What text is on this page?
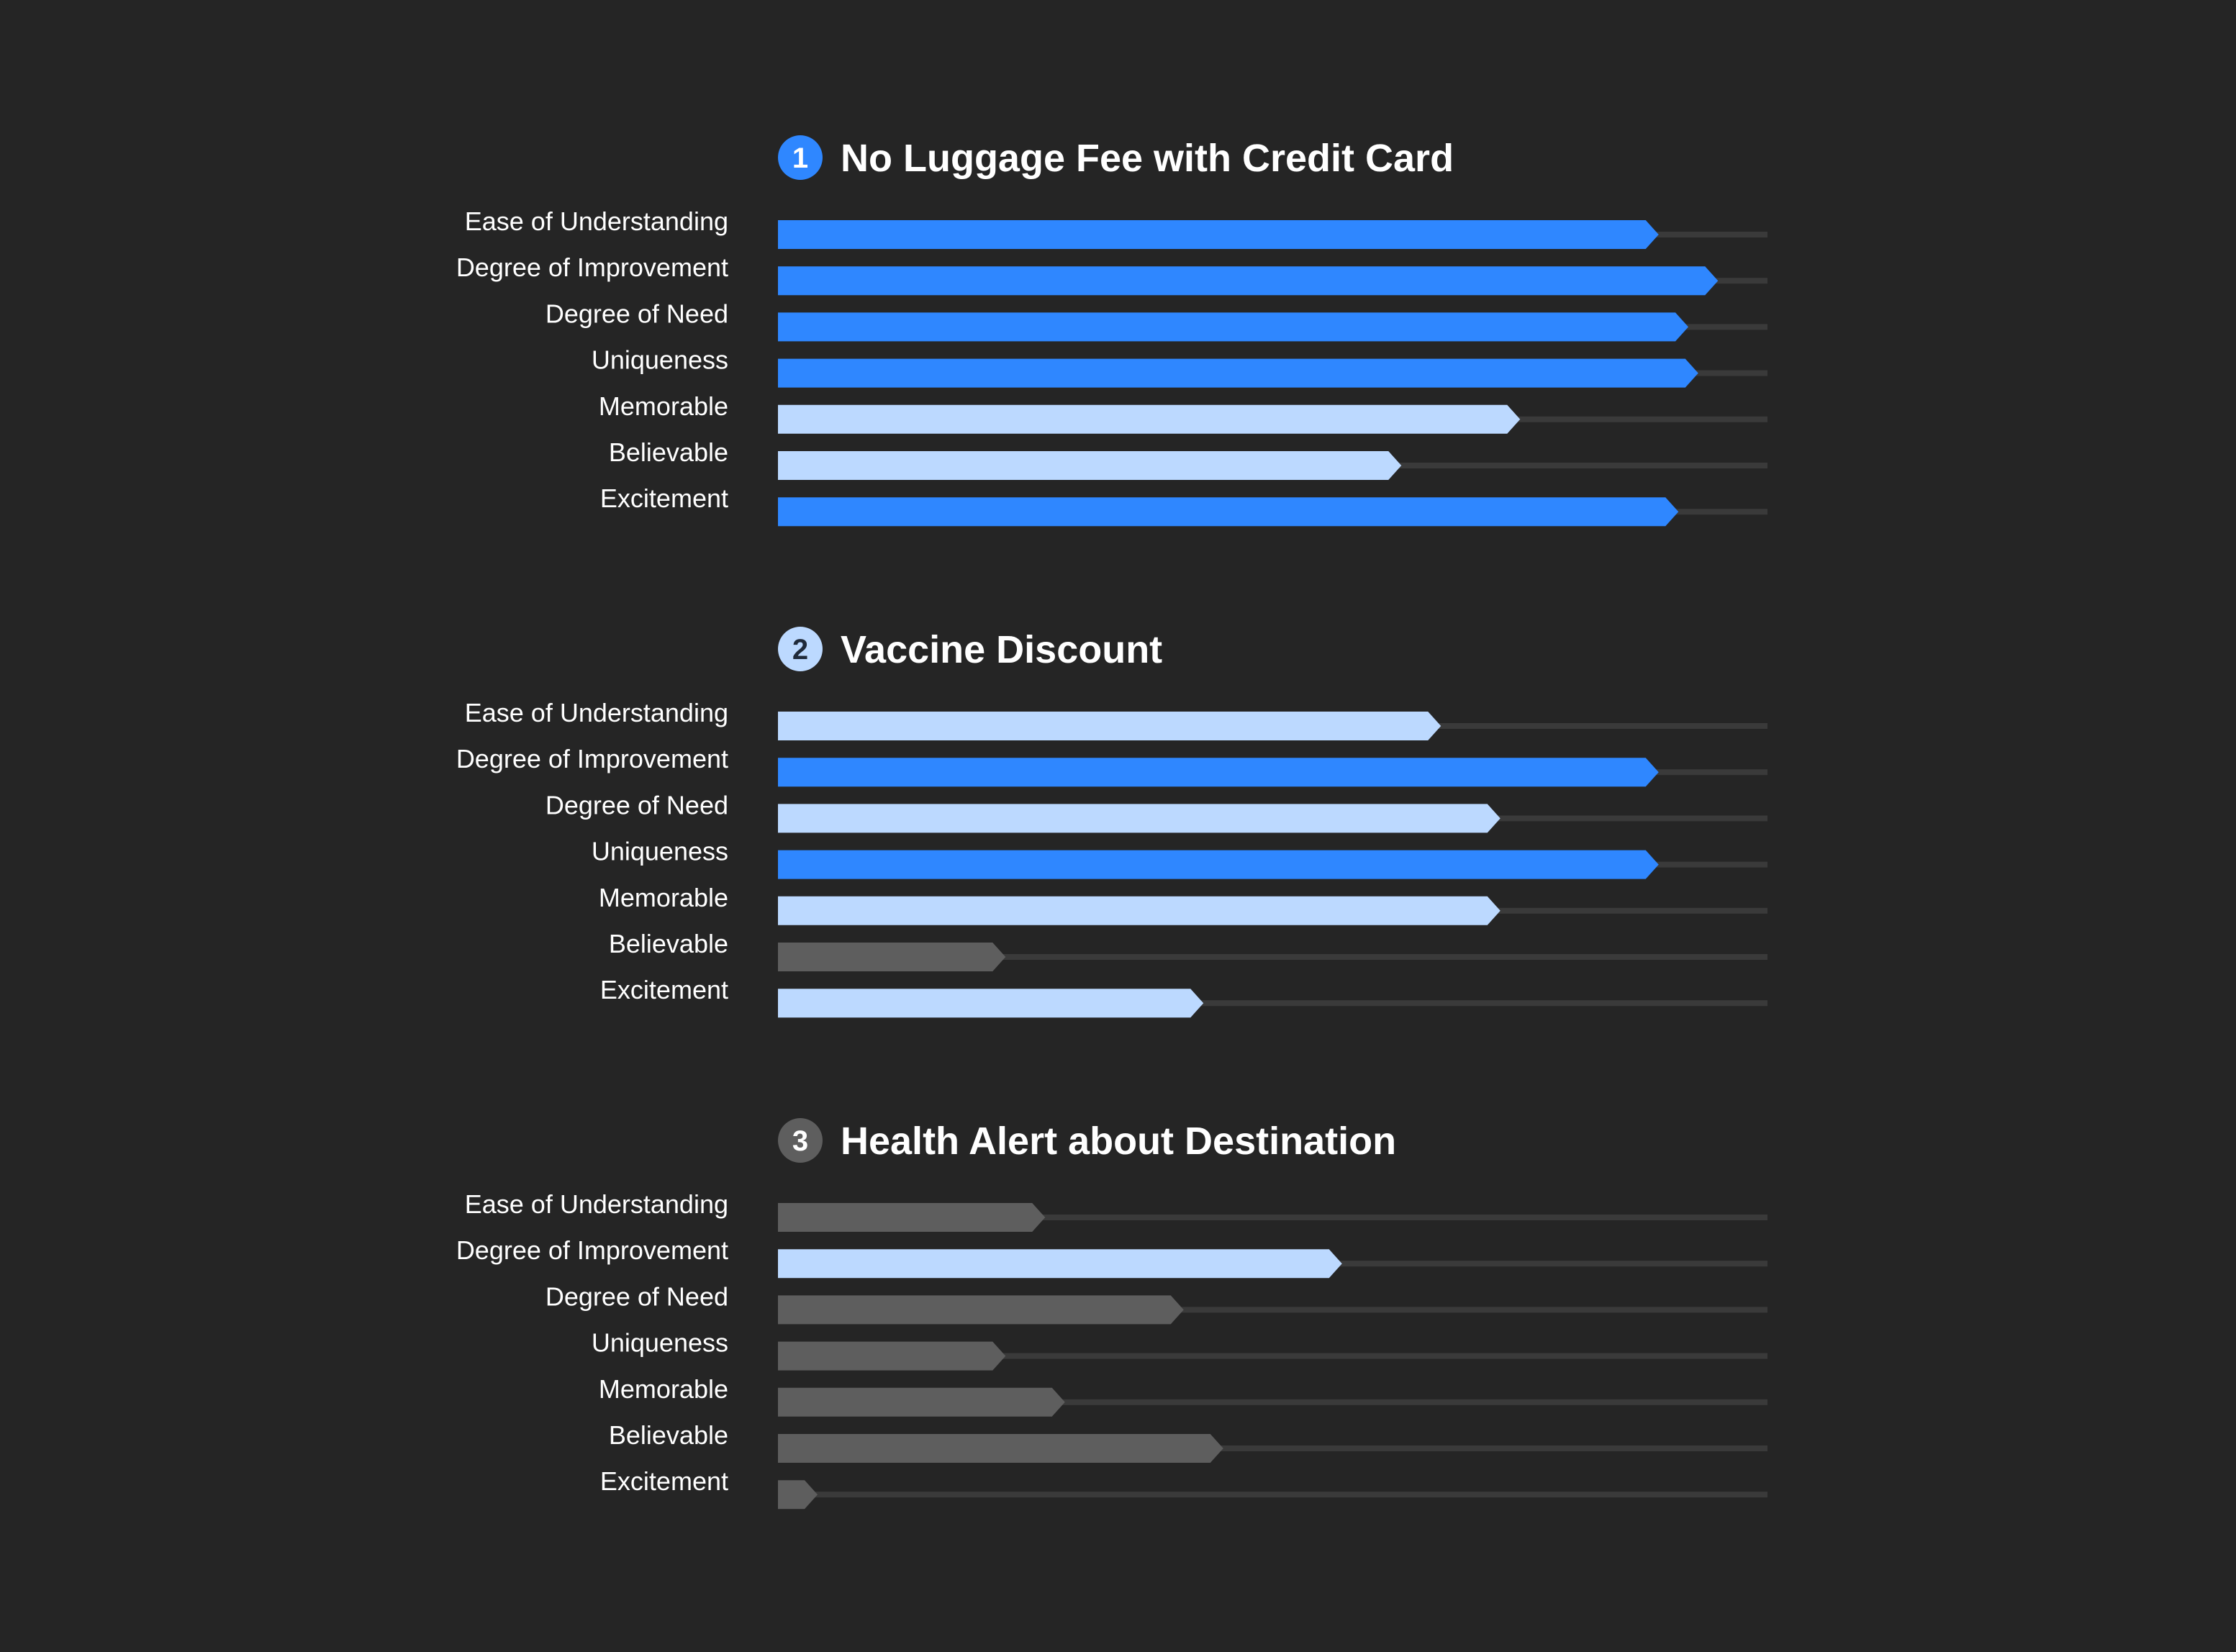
1 No Luggage Fee with Credit Card
Ease of Understanding
Degree of Improvement
Degree of Need
Uniqueness
Memorable
Believable
Excitement
2 Vaccine Discount
Ease of Understanding
Degree of Improvement
Degree of Need
Uniqueness
Memorable
Believable
Excitement
3 Health Alert about Destination
Ease of Understanding
Degree of Improvement
Degree of Need
Uniqueness
Memorable
Believable
Excitement
